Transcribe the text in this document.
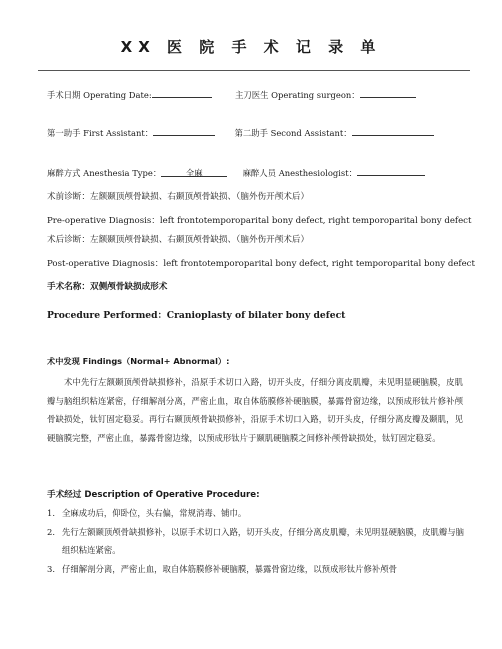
XX 医 院 手 术 记 录 单
手术日期 Operating Date:	主刀医生 Operating surgeon：
第一助手 First Assistant：	第二助手 Second Assistant：
麻醉方式 Anesthesia Type：	全麻	麻醉人员 Anesthesiologist：
术前诊断：左额颞顶颅骨缺损、右颞顶颅骨缺损、（脑外伤开颅术后）
Pre-operative Diagnosis：left frontotemporoparital bony defect, right temporoparital bony defect
术后诊断：左额颞顶颅骨缺损、右颞顶颅骨缺损、（脑外伤开颅术后）
Post-operative Diagnosis：left frontotemporoparital bony defect, right temporoparital bony defect
手术名称：双侧颅骨缺损成形术
Procedure Performed：Cranioplasty of bilater bony defect
术中发现 Findings（Normal+ Abnormal）:

术中先行左额颞顶颅骨缺损修补，沿原手术切口入路，切开头皮，仔细分离皮肌瓣，未见明显硬脑膜，皮肌瓣与脑组织粘连紧密，仔细解剖分离，严密止血，取自体筋膜修补硬脑膜，暴露骨窗边缘，以预成形钛片修补颅骨缺损处，钛钉固定稳妥。再行右颞顶颅骨缺损修补，沿原手术切口入路，切开头皮，仔细分离皮瓣及颞肌，见硬脑膜完整，严密止血，暴露骨窗边缘，以预成形钛片于颞肌硬脑膜之间修补颅骨缺损处，钛钉固定稳妥。

手术经过 Description of Operative Procedure:
1. 全麻成功后，仰卧位，头右偏，常规消毒、铺巾。
2. 先行左额颞顶颅骨缺损修补，以原手术切口入路，切开头皮，仔细分离皮肌瓣，未见明显硬脑膜，皮肌瓣与脑组织粘连紧密。
3. 仔细解剖分离，严密止血，取自体筋膜修补硬脑膜，暴露骨窗边缘，以预成形钛片修补颅骨
